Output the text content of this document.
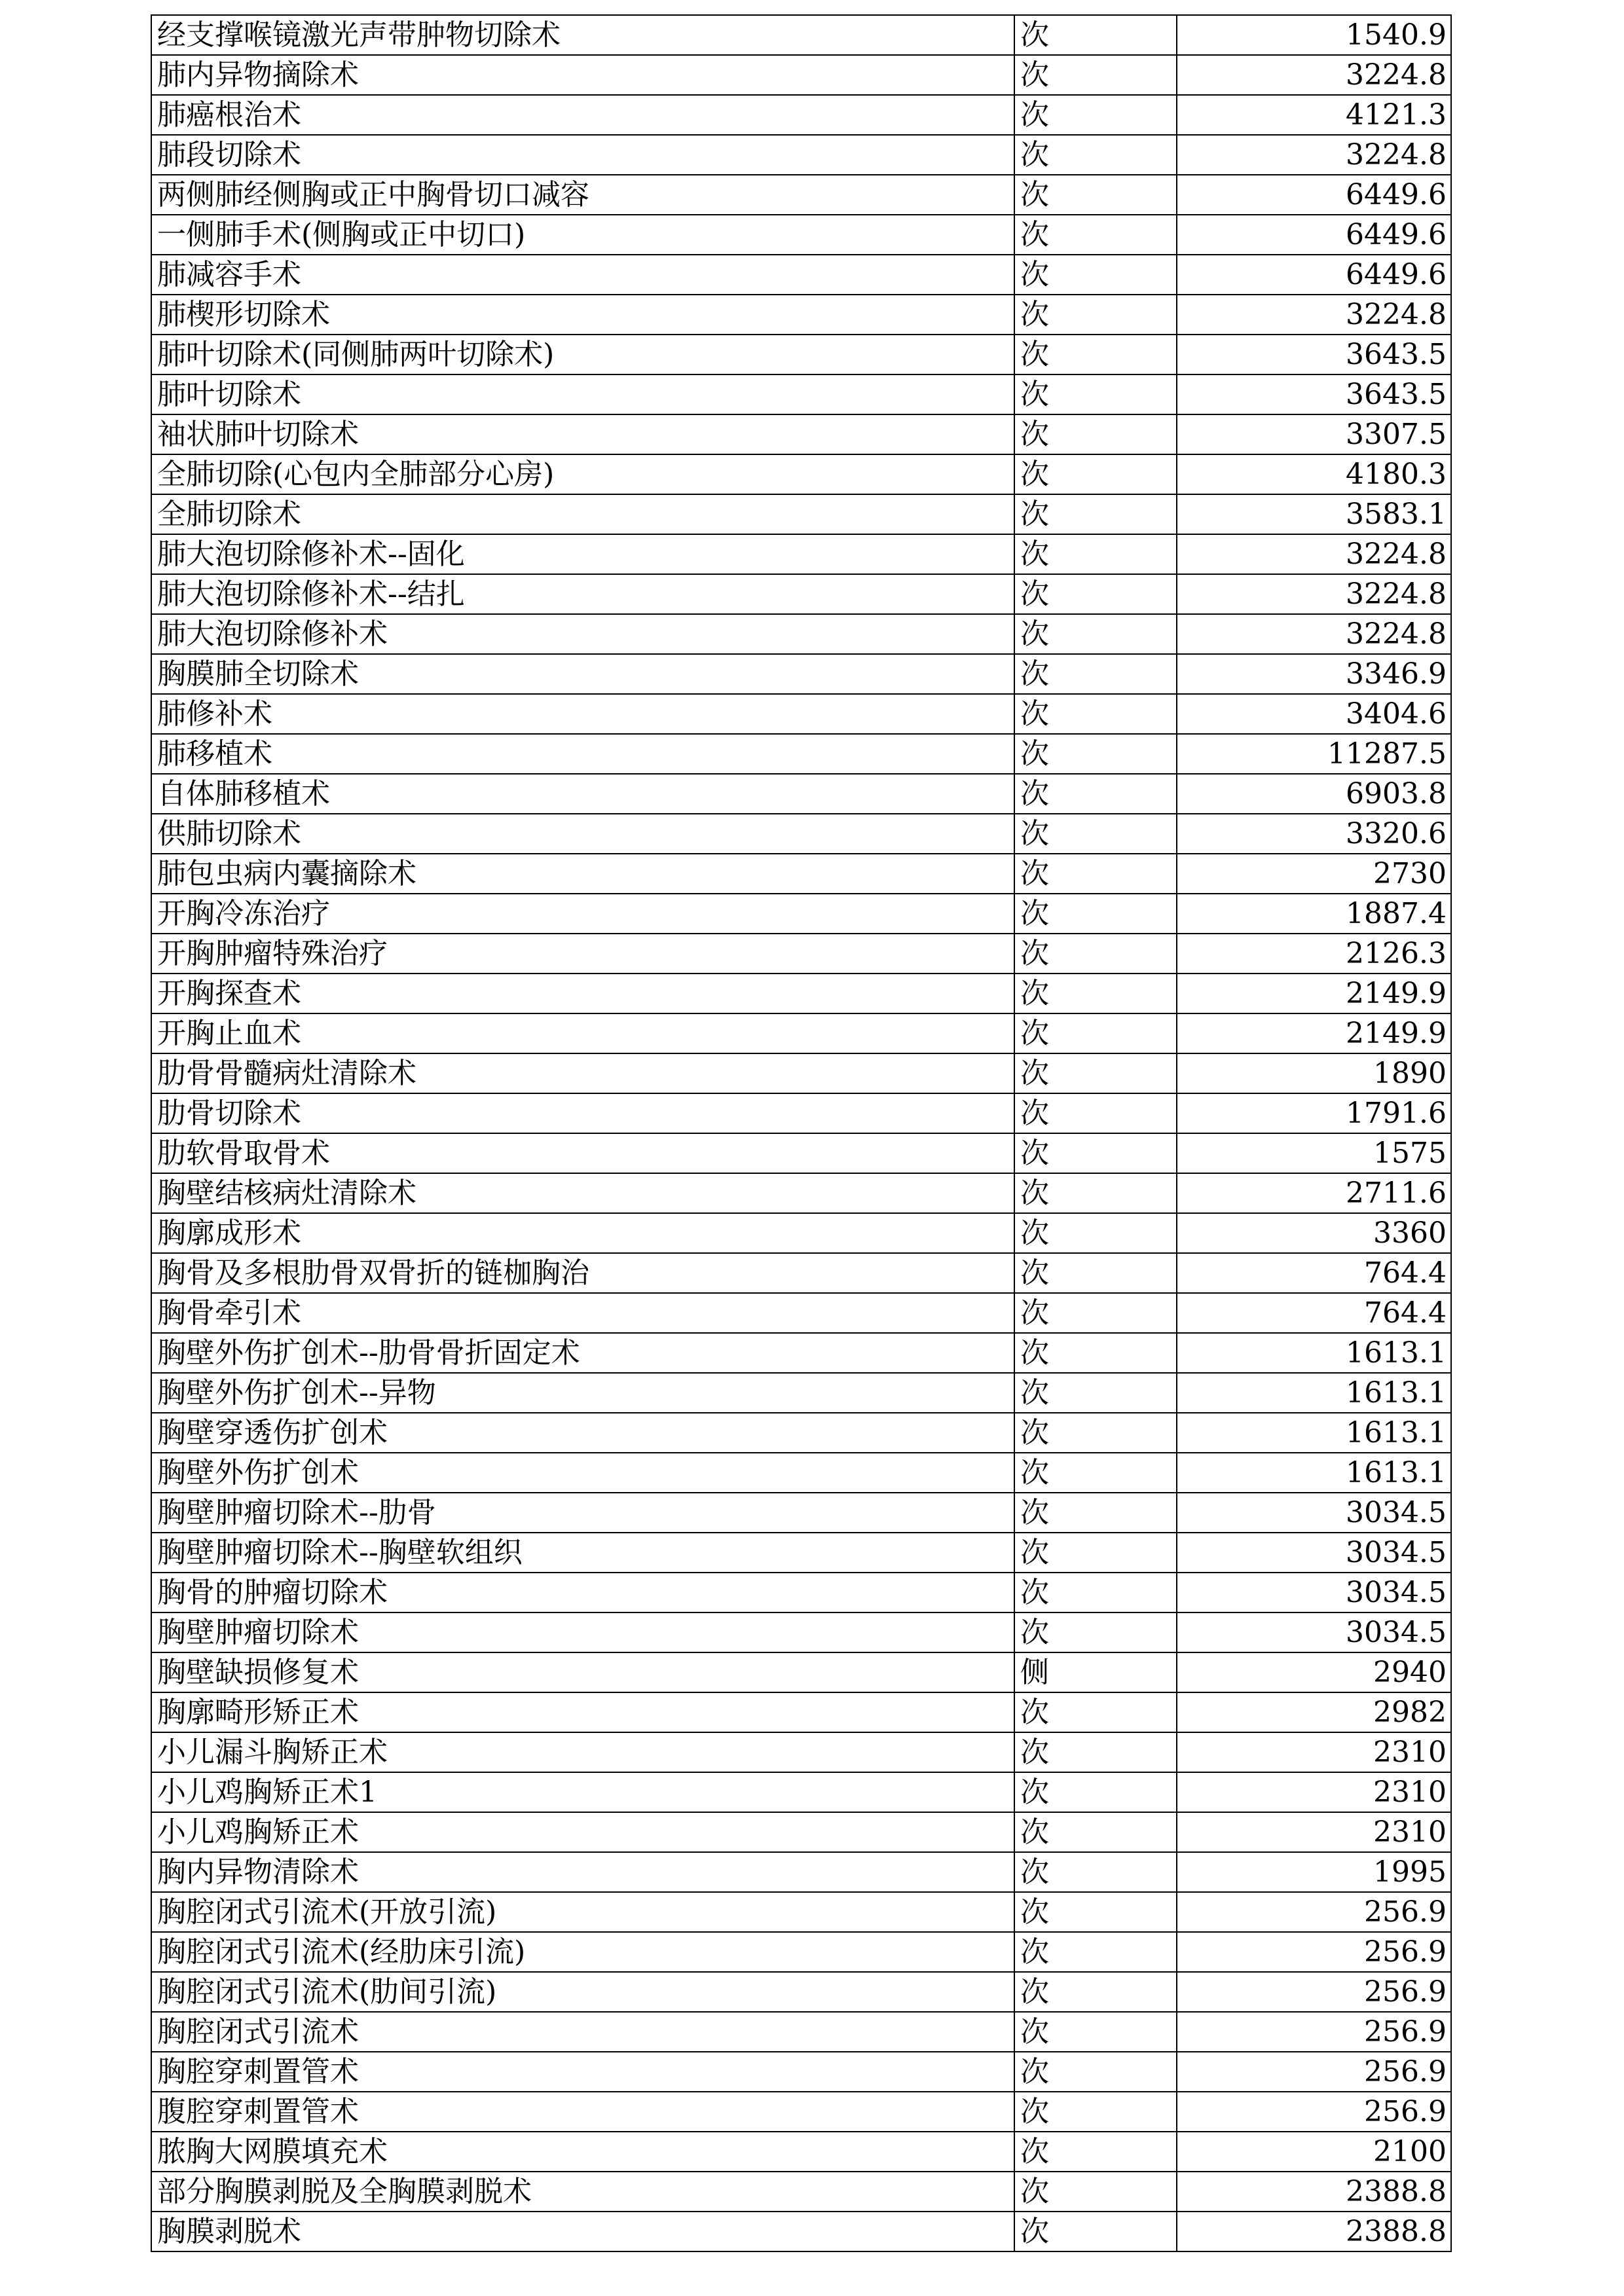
经支撑喉镜激光声带肿物切除术	次	1540.9
肺内异物摘除术	次	3224.8
肺癌根治术	次	4121.3
肺段切除术	次	3224.8
两侧肺经侧胸或正中胸骨切口减容	次	6449.6
一侧肺手术(侧胸或正中切口)	次	6449.6
肺减容手术	次	6449.6
肺楔形切除术	次	3224.8
肺叶切除术(同侧肺两叶切除术)	次	3643.5
肺叶切除术	次	3643.5
袖状肺叶切除术	次	3307.5
全肺切除(心包内全肺部分心房)	次	4180.3
全肺切除术	次	3583.1
肺大泡切除修补术--固化	次	3224.8
肺大泡切除修补术--结扎	次	3224.8
肺大泡切除修补术	次	3224.8
胸膜肺全切除术	次	3346.9
肺修补术	次	3404.6
肺移植术	次	11287.5
自体肺移植术	次	6903.8
供肺切除术	次	3320.6
肺包虫病内囊摘除术	次	2730
开胸冷冻治疗	次	1887.4
开胸肿瘤特殊治疗	次	2126.3
开胸探查术	次	2149.9
开胸止血术	次	2149.9
肋骨骨髓病灶清除术	次	1890
肋骨切除术	次	1791.6
肋软骨取骨术	次	1575
胸壁结核病灶清除术	次	2711.6
胸廓成形术	次	3360
胸骨及多根肋骨双骨折的链枷胸治	次	764.4
胸骨牵引术	次	764.4
胸壁外伤扩创术--肋骨骨折固定术	次	1613.1
胸壁外伤扩创术--异物	次	1613.1
胸壁穿透伤扩创术	次	1613.1
胸壁外伤扩创术	次	1613.1
胸壁肿瘤切除术--肋骨	次	3034.5
胸壁肿瘤切除术--胸壁软组织	次	3034.5
胸骨的肿瘤切除术	次	3034.5
胸壁肿瘤切除术	次	3034.5
胸壁缺损修复术	侧	2940
胸廓畸形矫正术	次	2982
小儿漏斗胸矫正术	次	2310
小儿鸡胸矫正术1	次	2310
小儿鸡胸矫正术	次	2310
胸内异物清除术	次	1995
胸腔闭式引流术(开放引流)	次	256.9
胸腔闭式引流术(经肋床引流)	次	256.9
胸腔闭式引流术(肋间引流)	次	256.9
胸腔闭式引流术	次	256.9
胸腔穿刺置管术	次	256.9
腹腔穿刺置管术	次	256.9
脓胸大网膜填充术	次	2100
部分胸膜剥脱及全胸膜剥脱术	次	2388.8
胸膜剥脱术	次	2388.8
